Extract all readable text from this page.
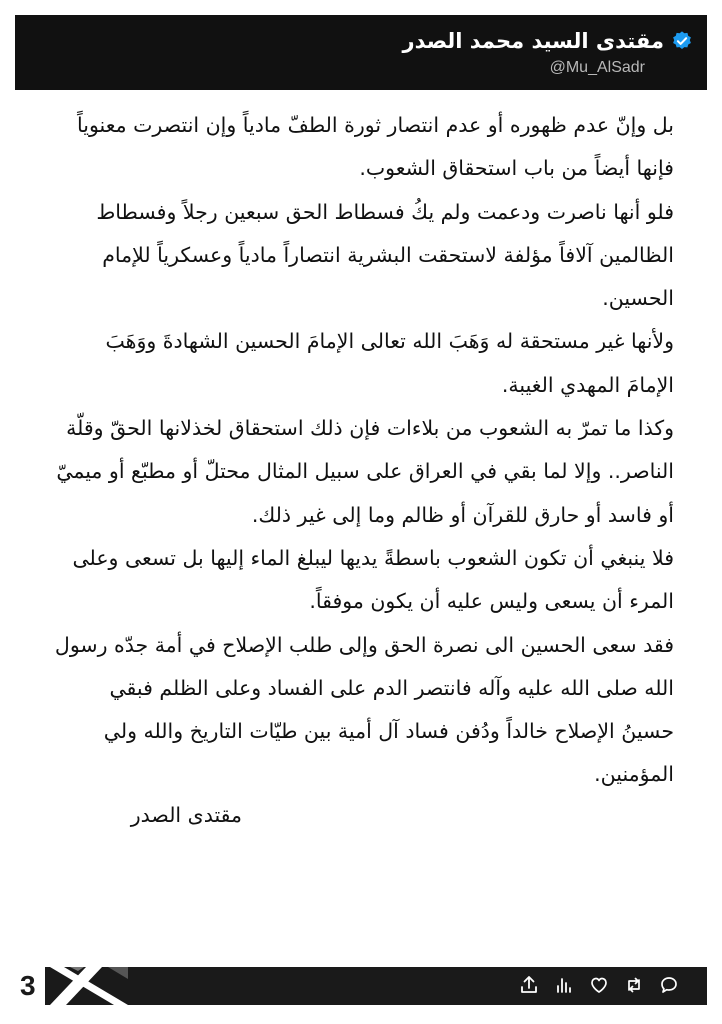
مقتدى السيد محمد الصدر
@Mu_AlSadr

بل وإنّ عدم ظهوره أو عدم انتصار ثورة الطفّ مادياً وإن انتصرت معنوياً فإنها أيضاً من باب استحقاق الشعوب.

فلو أنها ناصرت ودعمت ولم يكُ فسطاط الحق سبعين رجلاً وفسطاط الظالمين آلافاً مؤلفة لاستحقت البشرية انتصاراً مادياً وعسكرياً للإمام الحسين.

ولأنها غير مستحقة له وَهَبَ الله تعالى الإمامَ الحسين الشهادةَ ووَهَبَ الإمامَ المهدي الغيبة.

وكذا ما تمرّ به الشعوب من بلاءات فإن ذلك استحقاق لخذلانها الحقّ وقلّة الناصر.. وإلا لما بقي في العراق على سبيل المثال محتلّ أو مطبّع أو ميميّ أو فاسد أو حارق للقرآن أو ظالم وما إلى غير ذلك.

فلا ينبغي أن تكون الشعوب باسطةً يديها ليبلغ الماء إليها بل تسعى وعلى المرء أن يسعى وليس عليه أن يكون موفقاً.

فقد سعى الحسين الى نصرة الحق وإلى طلب الإصلاح في أمة جدّه رسول الله صلى الله عليه وآله فانتصر الدم على الفساد وعلى الظلم فبقي حسينُ الإصلاح خالداً ودُفن فساد آل أمية بين طيّات التاريخ والله ولي المؤمنين.

مقتدى الصدر
3
